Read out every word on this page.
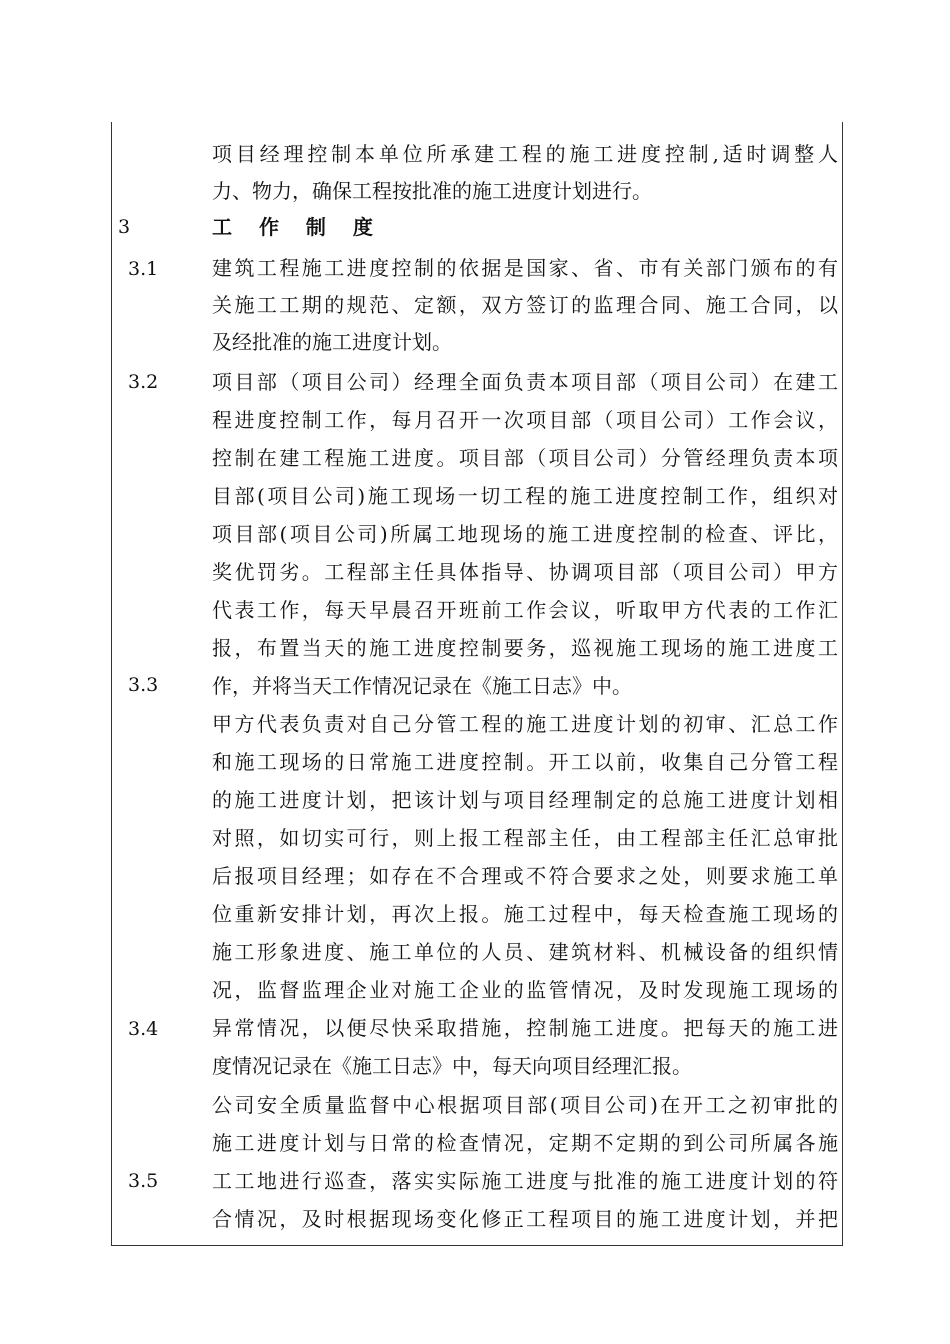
项目经理控制本单位所承建工程的施工进度控制,适时调整人
力、物力，确保工程按批准的施工进度计划进行。
3	工 作 制 度
3.1
3.2
3.3
3.4
3.5
建筑工程施工进度控制的依据是国家、省、市有关部门颁布的有
关施工工期的规范、定额，双方签订的监理合同、施工合同，以
及经批准的施工进度计划。
项目部（项目公司）经理全面负责本项目部（项目公司）在建工
程进度控制工作，每月召开一次项目部（项目公司）工作会议，
控制在建工程施工进度。项目部（项目公司）分管经理负责本项
目部(项目公司)施工现场一切工程的施工进度控制工作，组织对
项目部(项目公司)所属工地现场的施工进度控制的检查、评比，
奖优罚劣。工程部主任具体指导、协调项目部（项目公司）甲方
代表工作，每天早晨召开班前工作会议，听取甲方代表的工作汇
报，布置当天的施工进度控制要务，巡视施工现场的施工进度工
作，并将当天工作情况记录在《施工日志》中。
甲方代表负责对自己分管工程的施工进度计划的初审、汇总工作
和施工现场的日常施工进度控制。开工以前，收集自己分管工程
的施工进度计划，把该计划与项目经理制定的总施工进度计划相
对照，如切实可行，则上报工程部主任，由工程部主任汇总审批
后报项目经理；如存在不合理或不符合要求之处，则要求施工单
位重新安排计划，再次上报。施工过程中，每天检查施工现场的
施工形象进度、施工单位的人员、建筑材料、机械设备的组织情
况，监督监理企业对施工企业的监管情况，及时发现施工现场的
异常情况，以便尽快采取措施，控制施工进度。把每天的施工进
度情况记录在《施工日志》中，每天向项目经理汇报。
公司安全质量监督中心根据项目部(项目公司)在开工之初审批的
施工进度计划与日常的检查情况，定期不定期的到公司所属各施
工工地进行巡查，落实实际施工进度与批准的施工进度计划的符
合情况，及时根据现场变化修正工程项目的施工进度计划，并把
